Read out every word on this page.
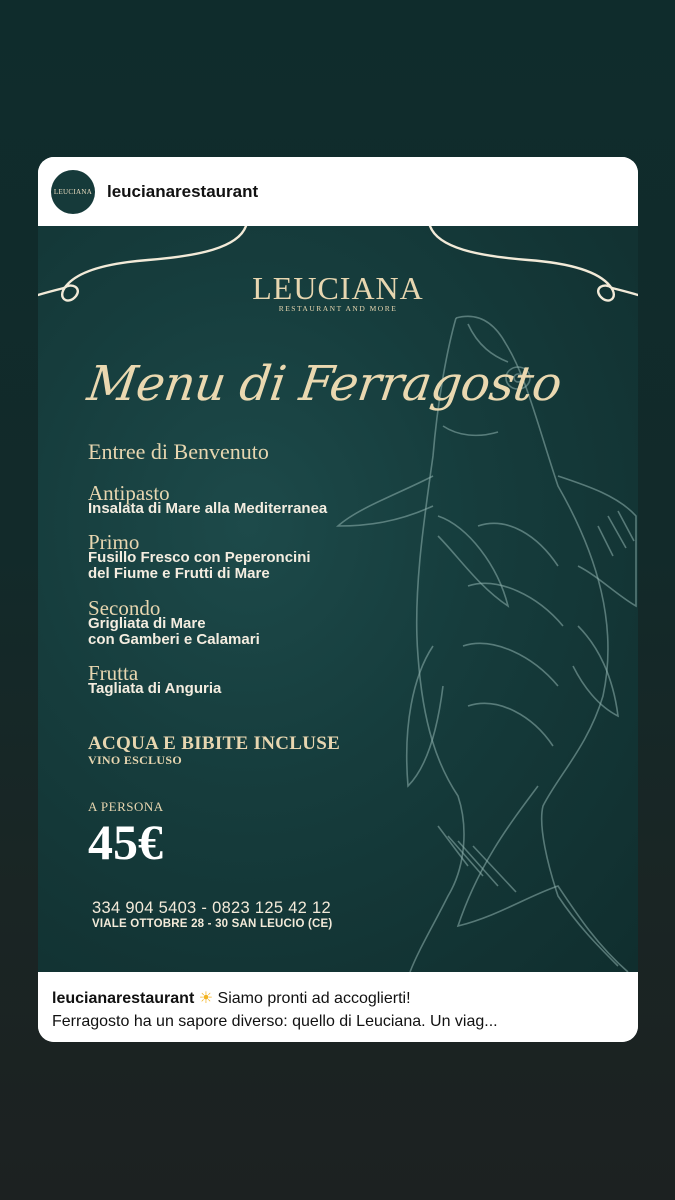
LEUCIANA leucianarestaurant
LEUCIANA
RESTAURANT AND MORE
Menu di Ferragosto
Entree di Benvenuto
Antipasto
Insalata di Mare alla Mediterranea
Primo
Fusillo Fresco con Peperoncini
del Fiume e Frutti di Mare
Secondo
Grigliata di Mare
con Gamberi e Calamari
Frutta
Tagliata di Anguria
ACQUA E BIBITE INCLUSE
VINO ESCLUSO
A PERSONA
45€
334 904 5403 - 0823 125 42 12
VIALE OTTOBRE 28 - 30 SAN LEUCIO (CE)
leucianarestaurant ☀ Siamo pronti ad accoglierti!
Ferragosto ha un sapore diverso: quello di Leuciana. Un viag...
